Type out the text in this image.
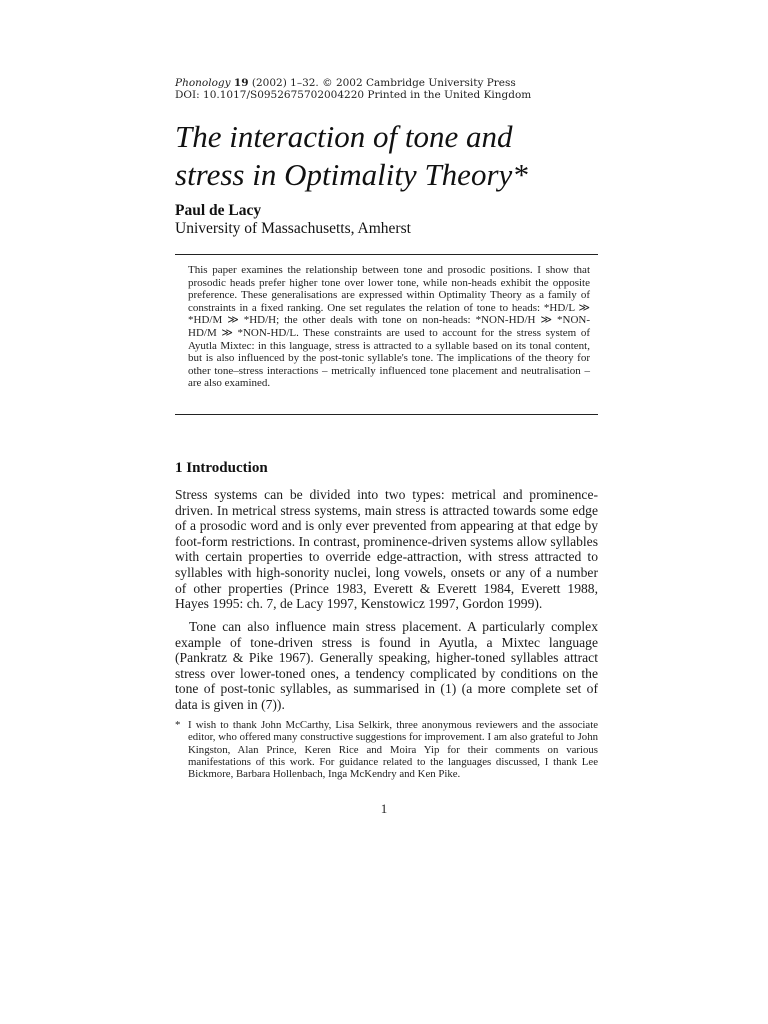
Phonology 19 (2002) 1–32. © 2002 Cambridge University Press
DOI: 10.1017/S0952675702004220 Printed in the United Kingdom
The interaction of tone and
stress in Optimality Theory*
Paul de Lacy
University of Massachusetts, Amherst
This paper examines the relationship between tone and prosodic positions. I show that prosodic heads prefer higher tone over lower tone, while non-heads exhibit the opposite preference. These generalisations are expressed within Optimality Theory as a family of constraints in a fixed ranking. One set regulates the relation of tone to heads: *HD/L ≫ *HD/M ≫ *HD/H; the other deals with tone on non-heads: *NON-HD/H ≫ *NON-HD/M ≫ *NON-HD/L. These constraints are used to account for the stress system of Ayutla Mixtec: in this language, stress is attracted to a syllable based on its tonal content, but is also influenced by the post-tonic syllable's tone. The implications of the theory for other tone–stress interactions – metrically influenced tone placement and neutralisation – are also examined.
1 Introduction

Stress systems can be divided into two types: metrical and prominence-driven. In metrical stress systems, main stress is attracted towards some edge of a prosodic word and is only ever prevented from appearing at that edge by foot-form restrictions. In contrast, prominence-driven systems allow syllables with certain properties to override edge-attraction, with stress attracted to syllables with high-sonority nuclei, long vowels, onsets or any of a number of other properties (Prince 1983, Everett & Everett 1984, Everett 1988, Hayes 1995: ch. 7, de Lacy 1997, Kenstowicz 1997, Gordon 1999).

Tone can also influence main stress placement. A particularly complex example of tone-driven stress is found in Ayutla, a Mixtec language (Pankratz & Pike 1967). Generally speaking, higher-toned syllables attract stress over lower-toned ones, a tendency complicated by conditions on the tone of post-tonic syllables, as summarised in (1) (a more complete set of data is given in (7)).

* I wish to thank John McCarthy, Lisa Selkirk, three anonymous reviewers and the associate editor, who offered many constructive suggestions for improvement. I am also grateful to John Kingston, Alan Prince, Keren Rice and Moira Yip for their comments on various manifestations of this work. For guidance related to the languages discussed, I thank Lee Bickmore, Barbara Hollenbach, Inga McKendry and Ken Pike.
1
